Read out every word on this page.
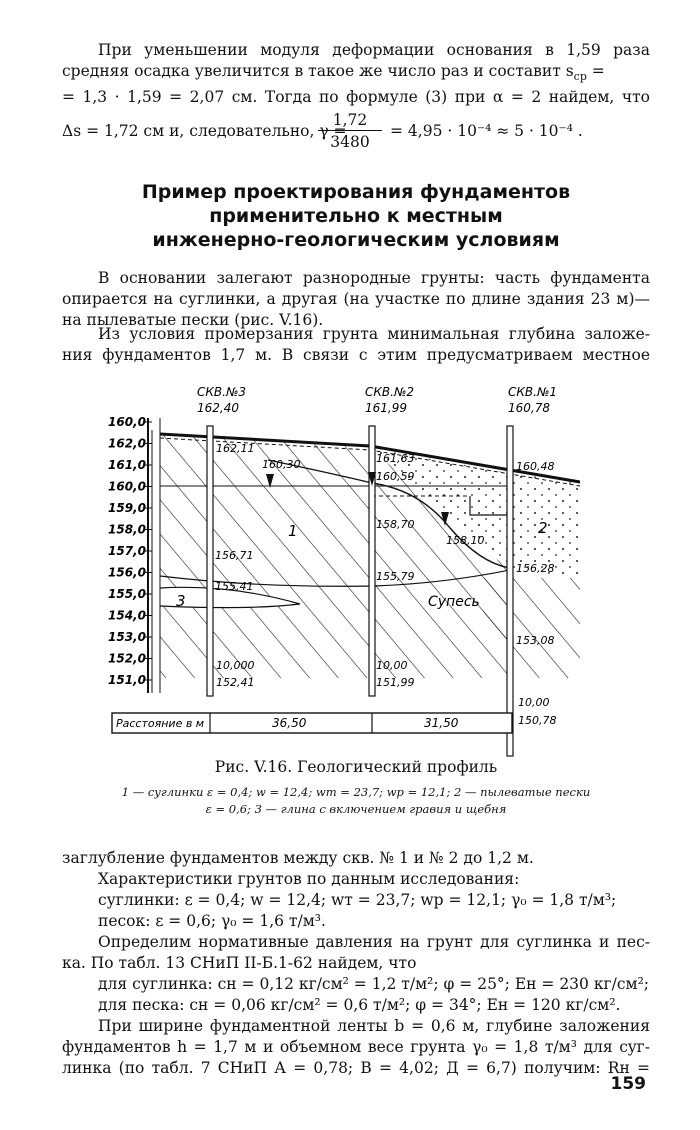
При уменьшении модуля деформации основания в 1,59 раза
средняя осадка увеличится в такое же число раз и составит $s_{ср}$ =
= 1,3 · 1,59 = 2,07 см. Тогда по формуле (3) при α = 2 найдем, что
Δs = 1,72 см и, следовательно, γ =
$\frac{1,72}{3480} = 4,95 \cdot 10^{-4} \approx 5 \cdot 10^{-4}$ .
Пример проектирования фундаментов
применительно к местным
инженерно-геологическим условиям
В основании залегают разнородные грунты: часть фундамента
опирается на суглинки, а другая (на участке по длине здания 23 м)—
на пылеватые пески (рис. V.16).
Из условия промерзания грунта минимальная глубина заложе-
ния фундаментов 1,7 м. В связи с этим предусматриваем местное
160,0
162,0
161,0
160,0
159,0
158,0
157,0
156,0
155,0
154,0
153,0
152,0
151,0
СКВ.№3
162,40
СКВ.№2
161,99
СКВ.№1
160,78
162,11
160,30
156,71
155,41
10,000
152,41
161,63
160,59
158,70
155,79
10,00
151,99
160,48
158,10
156,28
153,08
10,00
150,78
1	2
3	Супесь
Расстояние в м	36,50	31,50
Рис. V.16. Геологический профиль
1 — суглинки ε = 0,4; w = 12,4; wт = 23,7; wр = 12,1; 2 — пылеватые пески
ε = 0,6; 3 — глина с включением гравия и щебня
заглубление фундаментов между скв. № 1 и № 2 до 1,2 м.
Характеристики грунтов по данным исследования:
суглинки: ε = 0,4; w = 12,4; wт = 23,7; wр = 12,1; γ₀ = 1,8 т/м³;
песок: ε = 0,6; γ₀ = 1,6 т/м³.
Определим нормативные давления на грунт для суглинка и пес-
ка. По табл. 13 СНиП II-Б.1-62 найдем, что
для суглинка: cн = 0,12 кг/см² = 1,2 т/м²; φ = 25°; Eн = 230 кг/см²;
для песка: cн = 0,06 кг/см² = 0,6 т/м²; φ = 34°; Eн = 120 кг/см².
При ширине фундаментной ленты b = 0,6 м, глубине заложения
фундаментов h = 1,7 м и объемном весе грунта γ₀ = 1,8 т/м³ для сyг-
линка (по табл. 7 СНиП А = 0,78; В = 4,02; Д = 6,7) получим: Rн =
159
